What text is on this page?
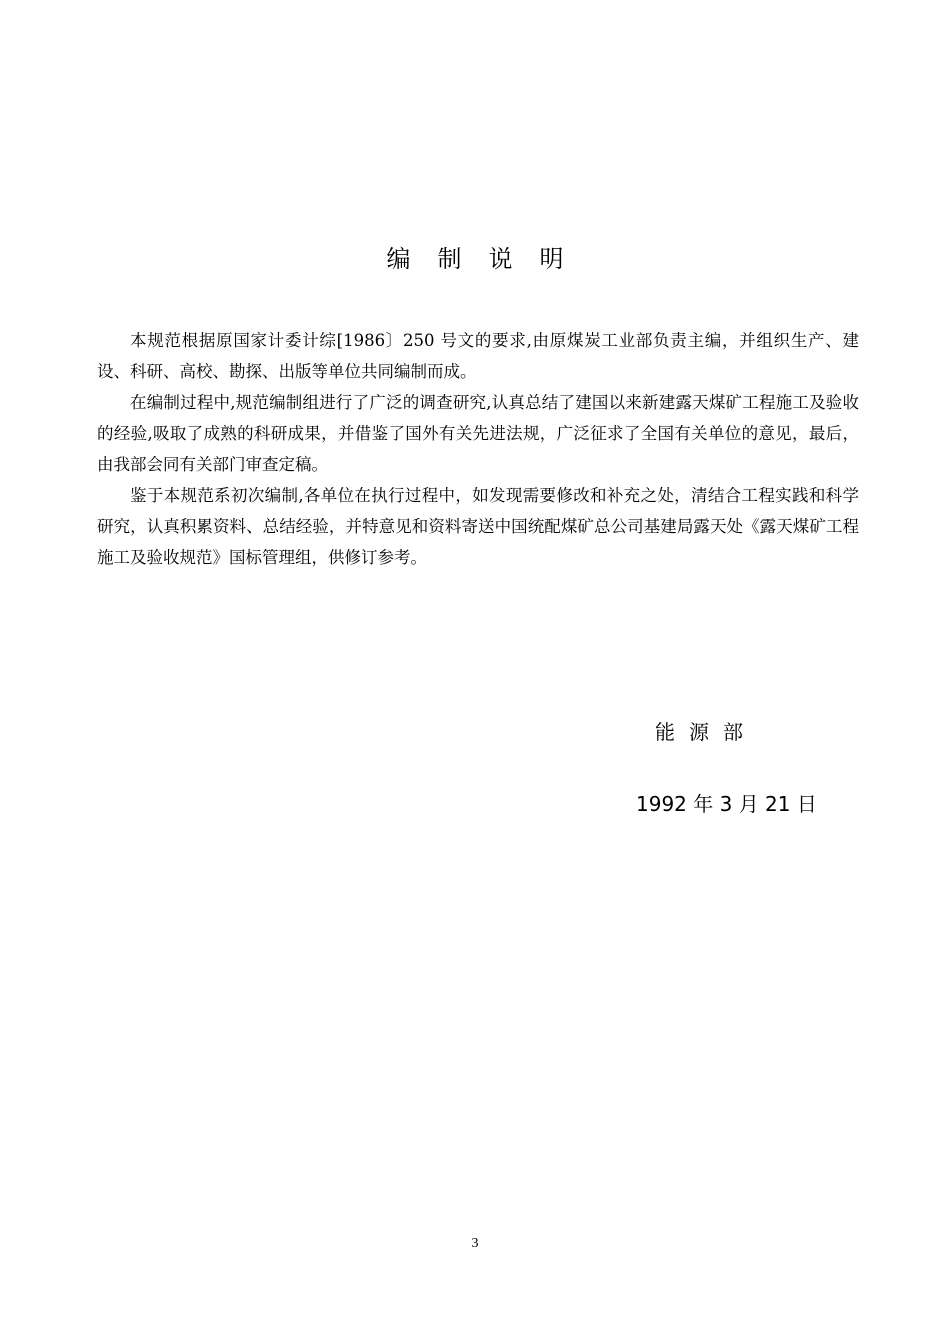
编制说明

本规范根据原国家计委计综[1986〕250 号文的要求,由原煤炭工业部负责主编，并组织生产、建设、科研、高校、勘探、出版等单位共同编制而成。

在编制过程中,规范编制组进行了广泛的调查研究,认真总结了建国以来新建露天煤矿工程施工及验收的经验,吸取了成熟的科研成果，并借鉴了国外有关先进法规，广泛征求了全国有关单位的意见，最后，由我部会同有关部门审查定稿。

鉴于本规范系初次编制,各单位在执行过程中，如发现需要修改和补充之处，清结合工程实践和科学研究，认真积累资料、总结经验，并特意见和资料寄送中国统配煤矿总公司基建局露天处《露天煤矿工程施工及验收规范》国标管理组，供修订参考。

能源部
1992 年 3 月 21 日
3
